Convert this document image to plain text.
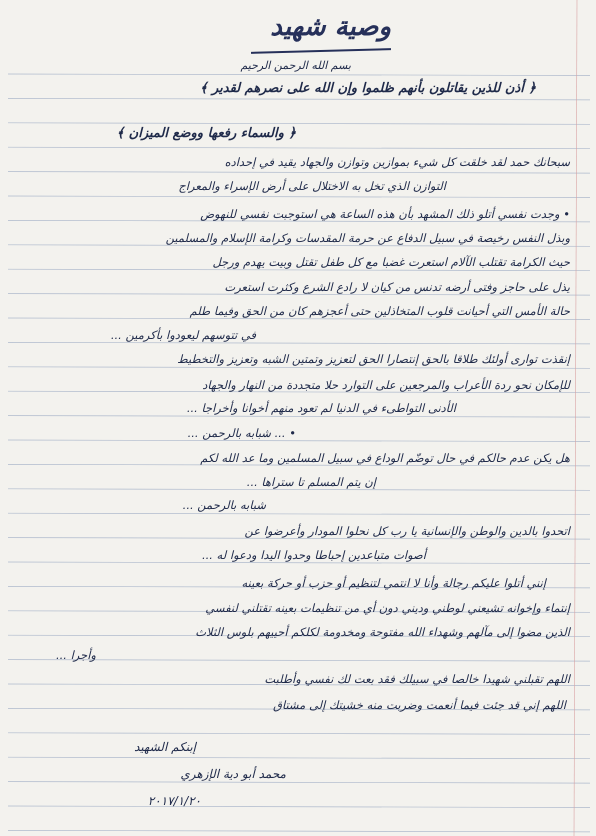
وصية شهيد
بسم الله الرحمن الرحيم
﴿ أذن للذين يقاتلون بأنهم ظلموا وإن الله على نصرهم لقدير ﴾
﴿ والسماء رفعها ووضع الميزان ﴾
سبحانك حمد لقد خلقت كل شيء بموازين وتوازن والجهاد يقيد في إحداده
التوازن الذي تخل به الاختلال على أرض الإسراء والمعراج
• وجدت نفسي أتلو ذلك المشهد بأن هذه الساعة هي استوجبت نفسي للنهوض
وبذل النفس رخيصة في سبيل الدفاع عن حرمة المقدسات وكرامة الإسلام والمسلمين
حيث الكرامة تقتلب الآلام استعرت غضبا مع كل طفل تقتل وبيت يهدم ورجل
يذل على حاجز وفتى أرضه تدنس من كيان لا رادع الشرع وكثرت استعرت
حالة الأمس التي أحيانت قلوب المتخاذلين حتى أعجزهم كان من الحق وفيما طلم
في تتوسهم ليعودوا بأكرمين ...
إنقذت توارى أولئك طلاقا بالحق إنتصارا الحق لتعزيز وتمتين الشبه وتعزيز والتخطيط
للإمكان نحو ردة الأعراب والمرجعين على التوارد حلا متجددة من النهار والجهاد
الأدنى التواطىء في الدنيا لم تعود منهم أخوانا وأخراجا ...
• ... شبابه بالرحمن ...
هل يكن عدم حالكم في حال توضّم الوداع في سبيل المسلمين وما عد الله لكم
إن يتم المسلم تا ستراها ...
شبابه بالرحمن ...
اتحدوا بالدين والوطن والإنسانية يا رب كل نحلوا المودار وأعرضوا عن
أصوات متباعدين إحباطا وحدوا اليدا ودعوا له ...
إنني أتلوا عليكم رجالة وأنا لا انتمي لتنظيم أو حزب أو حركة بعينه
إنتماء وإخوانه تشيعني لوطني وديني دون أي من تنظيمات بعينه تقتلني لنفسي
الذين مضوا إلى مآلهم وشهداء الله مفتوحة ومخدومة لكلكم أحييهم بلوس الثلاث
وأجرا ...
اللهم تقبلني شهيدا خالصا في سبيلك فقد بعت لك نفسي وأطلبت
اللهم إني قد جئت فيما أنعمت وضربت منه خشيتك إلى مشتاق
إبنكم الشهيد
محمد أبو دية الإزهري
٢٠١٧/١/٢٠
